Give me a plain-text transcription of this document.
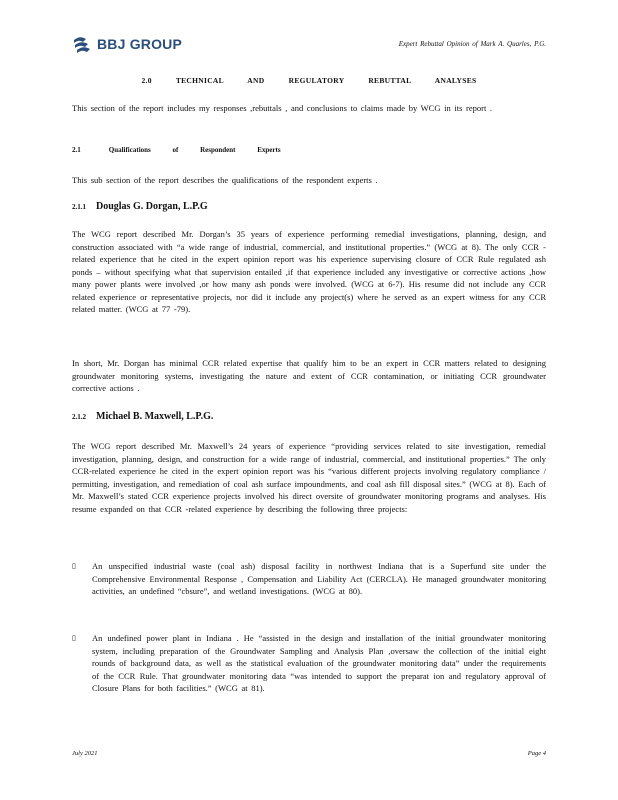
BBJ GROUP	Expert Rebuttal Opinion of Mark A. Quarles, P.G.
2.0	TECHNICAL AND REGULATORY REBUTTAL ANALYSES
This section of the report includes my responses ,rebuttals , and conclusions to claims made by WCG in its report .
2.1	Qualifications of Respondent Experts
This sub section of the report describes the qualifications of the respondent experts .
2.1.1 Douglas G. Dorgan, L.P.G
The WCG report described Mr. Dorgan’s 35 years of experience performing remedial investigations, planning, design, and construction associated with “a wide range of industrial, commercial, and institutional properties.” (WCG at 8). The only CCR -related experience that he cited in the expert opinion report was his experience supervising closure of CCR Rule regulated ash ponds – without specifying what that supervision entailed ,if that experience included any investigative or corrective actions ,how many power plants were involved ,or how many ash ponds were involved. (WCG at 6-7). His resume did not include any CCR related experience or representative projects, nor did it include any project(s) where he served as an expert witness for any CCR related matter. (WCG at 77 -79).
In short, Mr. Dorgan has minimal CCR related expertise that qualify him to be an expert in CCR matters related to designing groundwater monitoring systems, investigating the nature and extent of CCR contamination, or initiating CCR groundwater corrective actions .
2.1.2 Michael B. Maxwell, L.P.G.
The WCG report described Mr. Maxwell’s 24 years of experience “providing services related to site investigation, remedial investigation, planning, design, and construction for a wide range of industrial, commercial, and institutional properties.” The only CCR-related experience he cited in the expert opinion report was his “various different projects involving regulatory compliance / permitting, investigation, and remediation of coal ash surface impoundments, and coal ash fill disposal sites.” (WCG at 8). Each of Mr. Maxwell’s stated CCR experience projects involved his direct oversite of groundwater monitoring programs and analyses. His resume expanded on that CCR -related experience by describing the following three projects:
▯ An unspecified industrial waste (coal ash) disposal facility in northwest Indiana that is a Superfund site under the Comprehensive Environmental Response , Compensation and Liability Act (CERCLA). He managed groundwater monitoring activities, an undefined “cbsure”, and wetland investigations. (WCG at 80).
▯ An undefined power plant in Indiana . He “assisted in the design and installation of the initial groundwater monitoring system, including preparation of the Groundwater Sampling and Analysis Plan ,oversaw the collection of the initial eight rounds of background data, as well as the statistical evaluation of the groundwater monitoring data” under the requirements of the CCR Rule. That groundwater monitoring data “was intended to support the preparat ion and regulatory approval of Closure Plans for both facilities.” (WCG at 81).
July 2021	Page 4
